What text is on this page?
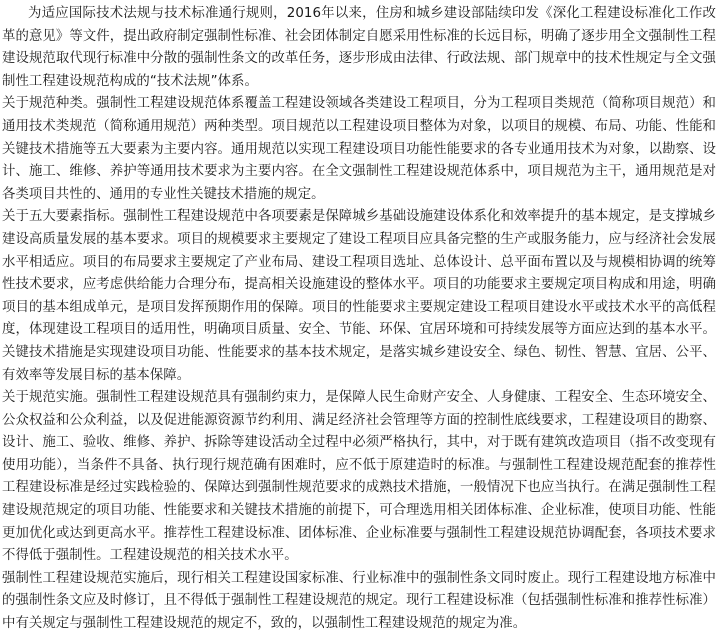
为适应国际技术法规与技术标准通行规则，2016年以来，住房和城乡建设部陆续印发《深化工程建设标准化工作改革的意见》等文件，提出政府制定强制性标准、社会团体制定自愿采用性标准的长远目标，明确了逐步用全文强制性工程建设规范取代现行标准中分散的强制性条文的改革任务，逐步形成由法律、行政法规、部门规章中的技术性规定与全文强制性工程建设规范构成的“技术法规”体系。

关于规范种类。强制性工程建设规范体系覆盖工程建设领域各类建设工程项目，分为工程项目类规范（简称项目规范）和通用技术类规范（简称通用规范）两种类型。项目规范以工程建设项目整体为对象，以项目的规模、布局、功能、性能和关键技术措施等五大要素为主要内容。通用规范以实现工程建设项目功能性能要求的各专业通用技术为对象，以勘察、设计、施工、维修、养护等通用技术要求为主要内容。在全文强制性工程建设规范体系中，项目规范为主干，通用规范是对各类项目共性的、通用的专业性关键技术措施的规定。

关于五大要素指标。强制性工程建设规范中各项要素是保障城乡基础设施建设体系化和效率提升的基本规定，是支撑城乡建设高质量发展的基本要求。项目的规模要求主要规定了建设工程项目应具备完整的生产或服务能力，应与经济社会发展水平相适应。项目的布局要求主要规定了产业布局、建设工程项目选址、总体设计、总平面布置以及与规模相协调的统筹性技术要求，应考虑供给能力合理分布，提高相关设施建设的整体水平。项目的功能要求主要规定项目构成和用途，明确项目的基本组成单元，是项目发挥预期作用的保障。项目的性能要求主要规定建设工程项目建设水平或技术水平的高低程度，体现建设工程项目的适用性，明确项目质量、安全、节能、环保、宜居环境和可持续发展等方面应达到的基本水平。关键技术措施是实现建设项目功能、性能要求的基本技术规定，是落实城乡建设安全、绿色、韧性、智慧、宜居、公平、有效率等发展目标的基本保障。

关于规范实施。强制性工程建设规范具有强制约束力，是保障人民生命财产安全、人身健康、工程安全、生态环境安全、公众权益和公众利益，以及促进能源资源节约利用、满足经济社会管理等方面的控制性底线要求，工程建设项目的勘察、设计、施工、验收、维修、养护、拆除等建设活动全过程中必须严格执行，其中，对于既有建筑改造项目（指不改变现有使用功能），当条件不具备、执行现行规范确有困难时，应不低于原建造时的标准。与强制性工程建设规范配套的推荐性工程建设标准是经过实践检验的、保障达到强制性规范要求的成熟技术措施，一般情况下也应当执行。在满足强制性工程建设规范规定的项目功能、性能要求和关键技术措施的前提下，可合理选用相关团体标准、企业标准，使项目功能、性能更加优化或达到更高水平。推荐性工程建设标准、团体标准、企业标准要与强制性工程建设规范协调配套，各项技术要求不得低于强制性。工程建设规范的相关技术水平。

强制性工程建设规范实施后，现行相关工程建设国家标准、行业标准中的强制性条文同时废止。现行工程建设地方标准中的强制性条文应及时修订，且不得低于强制性工程建设规范的规定。现行工程建设标准（包括强制性标准和推荐性标准）中有关规定与强制性工程建设规范的规定不，致的，以强制性工程建设规范的规定为准。
